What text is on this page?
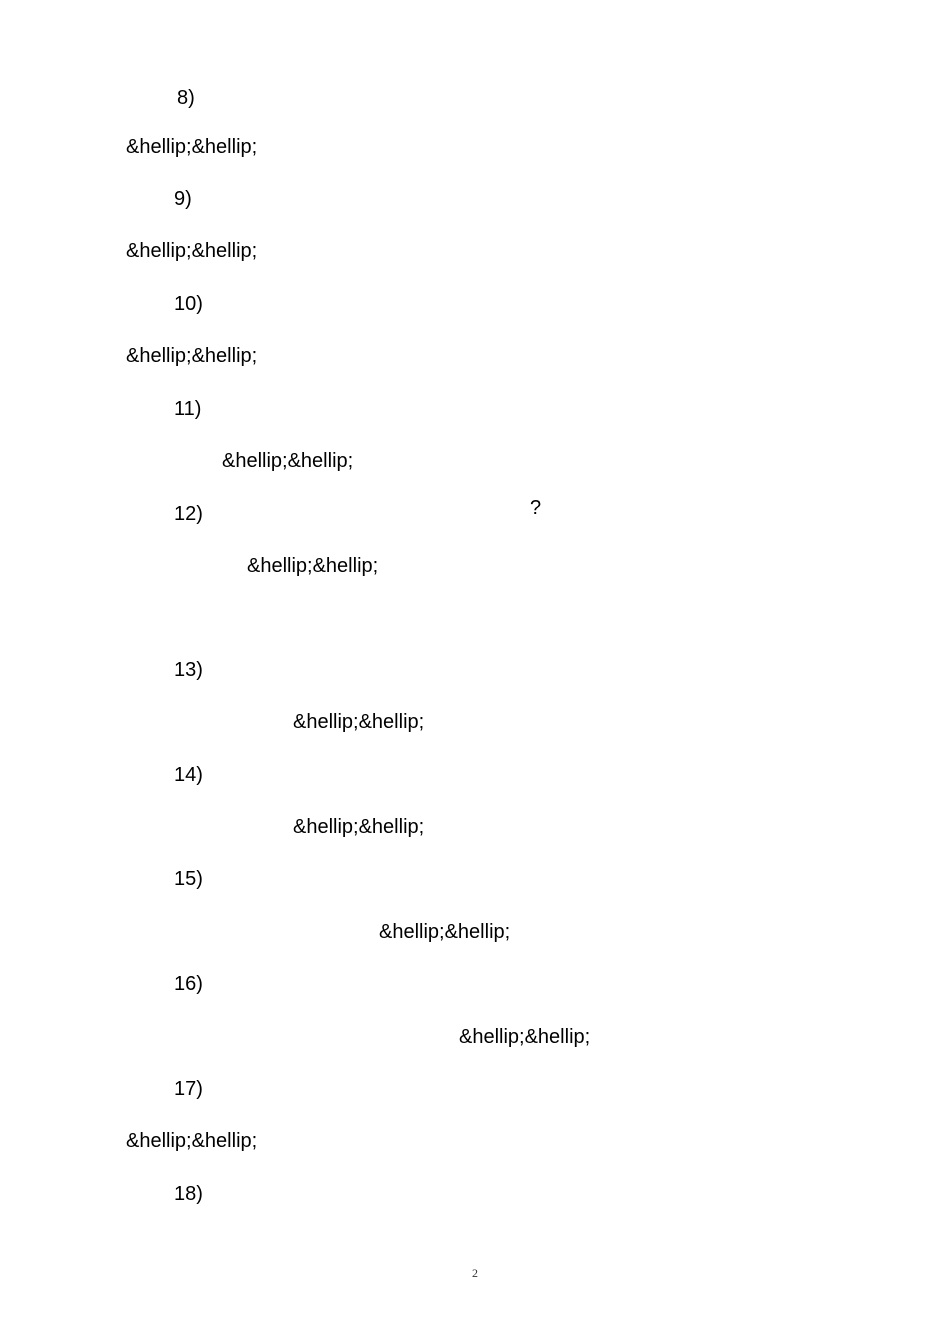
8)
&hellip;&hellip;
9)
&hellip;&hellip;
10)
&hellip;&hellip;
11)
&hellip;&hellip;
12)	?
&hellip;&hellip;
13)
&hellip;&hellip;
14)
&hellip;&hellip;
15)
&hellip;&hellip;
16)
&hellip;&hellip;
17)
&hellip;&hellip;
18)
2
